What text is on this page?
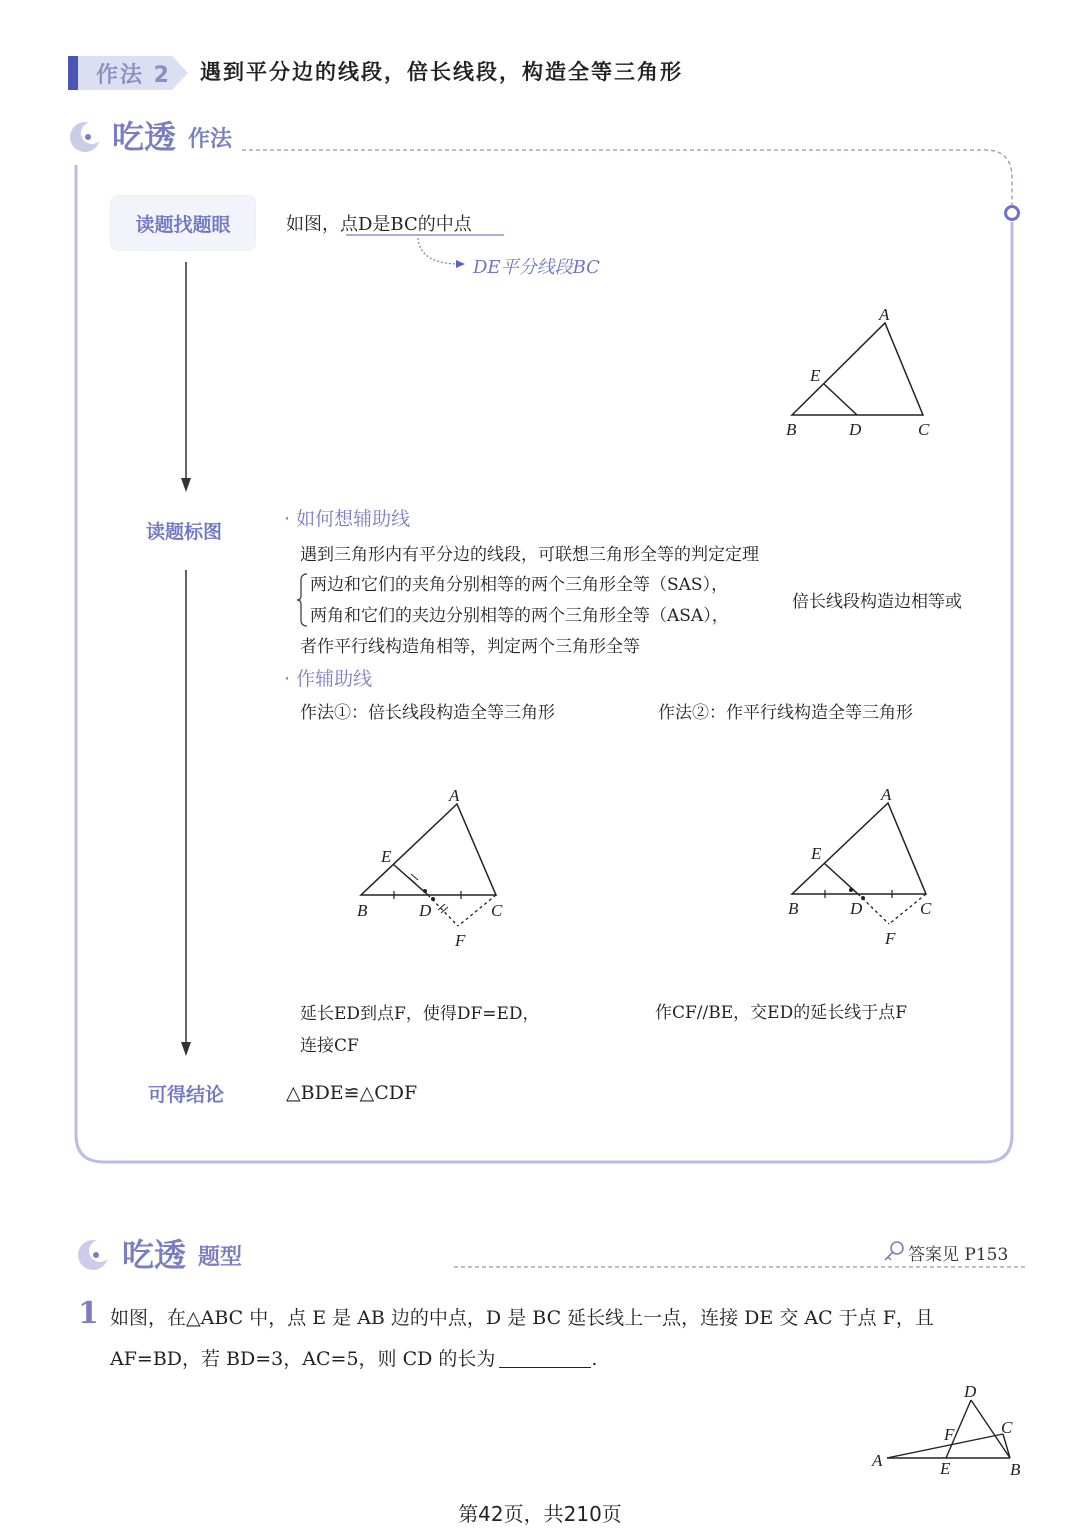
作法 2 遇到平分边的线段，倍长线段，构造全等三角形
吃透 作法
读题找题眼	如图，点D是BC的中点
DE平分线段BC
A
E
B	D	C
读题标图
· 如何想辅助线
遇到三角形内有平分边的线段，可联想三角形全等的判定定理
两边和它们的夹角分别相等的两个三角形全等（SAS），
两角和它们的夹边分别相等的两个三角形全等（ASA），
倍长线段构造边相等或
者作平行线构造角相等，判定两个三角形全等
· 作辅助线
作法①：倍长线段构造全等三角形	作法②：作平行线构造全等三角形
A
E
B	D	C
F
A
E
B	D	C
F
延长ED到点F，使得DF=ED，
连接CF
作CF//BE，交ED的延长线于点F
可得结论	△BDE≌△CDF
吃透 题型	答案见 P153
1 如图，在△ABC 中，点 E 是 AB 边的中点，D 是 BC 延长线上一点，连接 DE 交 AC 于点 F，且
AF=BD，若 BD=3，AC=5，则 CD 的长为	.
D
F	C
A	E	B
第42页，共210页
